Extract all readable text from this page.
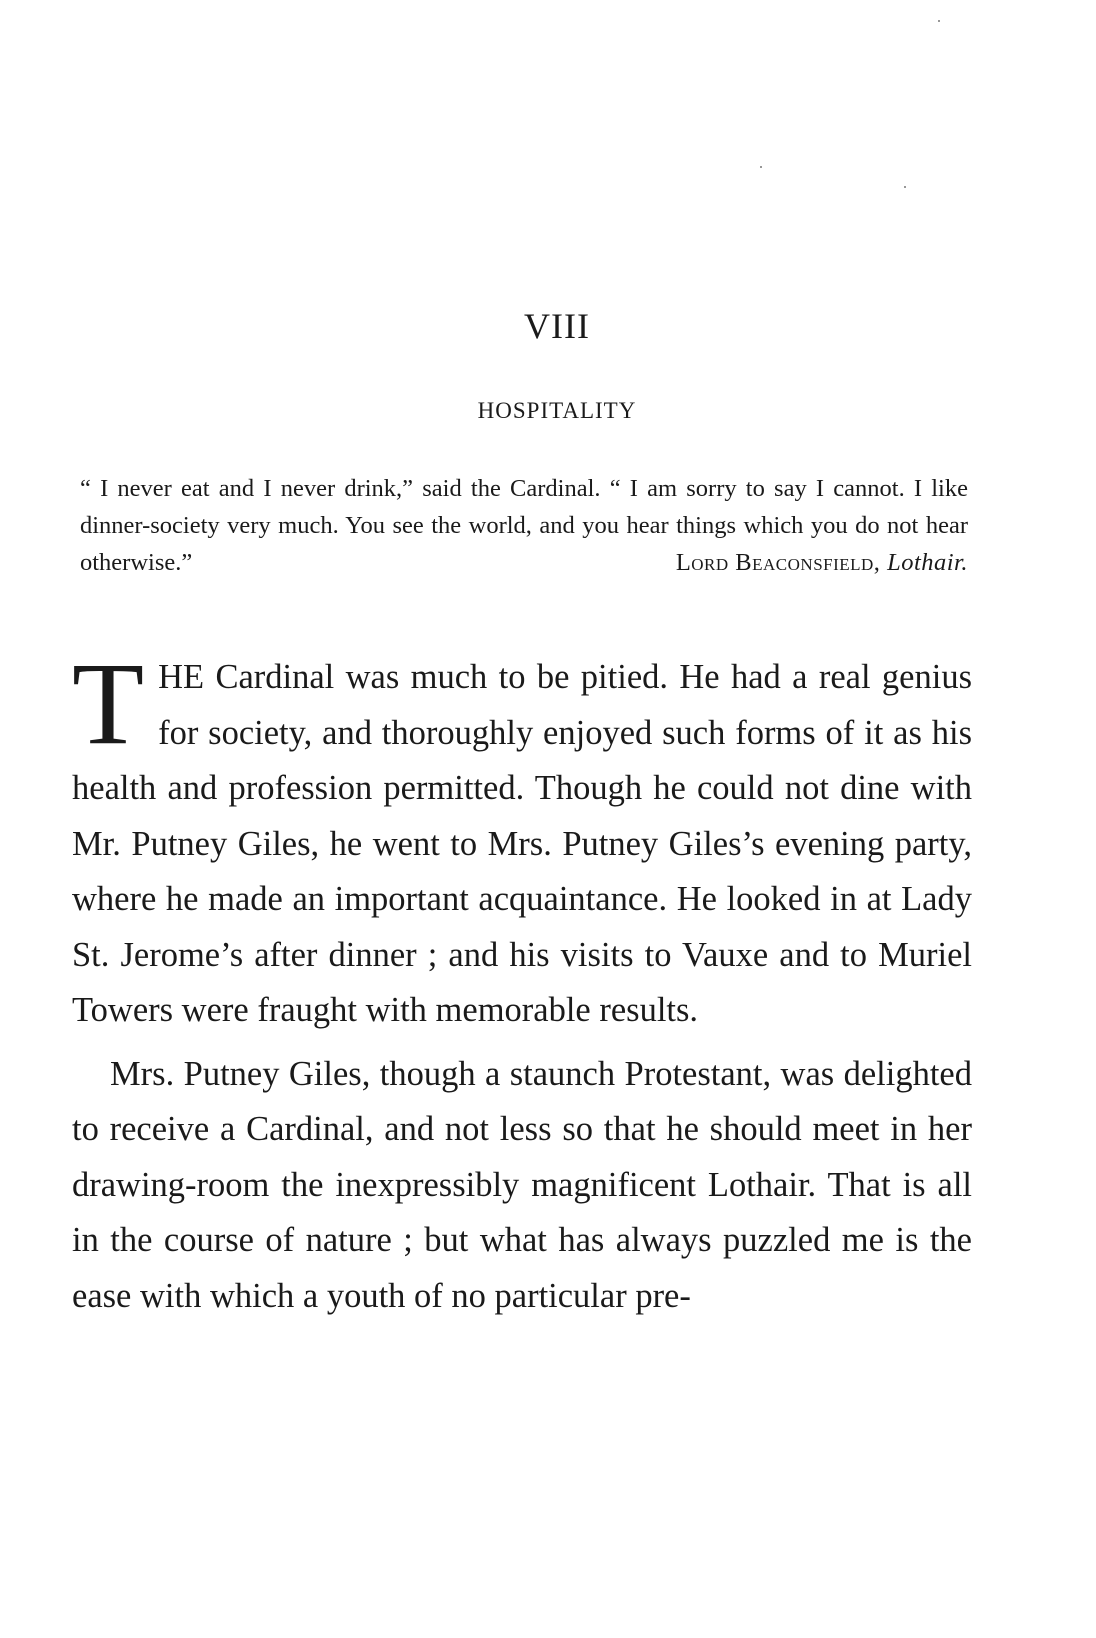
VIII
HOSPITALITY
“ I never eat and I never drink,” said the Cardinal. “ I am sorry to say I cannot. I like dinner-society very much. You see the world, and you hear things which you do not hear otherwise.”	Lord Beaconsfield, Lothair.

THE Cardinal was much to be pitied. He had a real genius for society, and thoroughly enjoyed such forms of it as his health and profession permitted. Though he could not dine with Mr. Putney Giles, he went to Mrs. Putney Giles’s evening party, where he made an important acquaintance. He looked in at Lady St. Jerome’s after dinner ; and his visits to Vauxe and to Muriel Towers were fraught with memorable results.

Mrs. Putney Giles, though a staunch Protestant, was delighted to receive a Cardinal, and not less so that he should meet in her drawing-room the inexpressibly magnificent Lothair. That is all in the course of nature ; but what has always puzzled me is the ease with which a youth of no particular pre-
